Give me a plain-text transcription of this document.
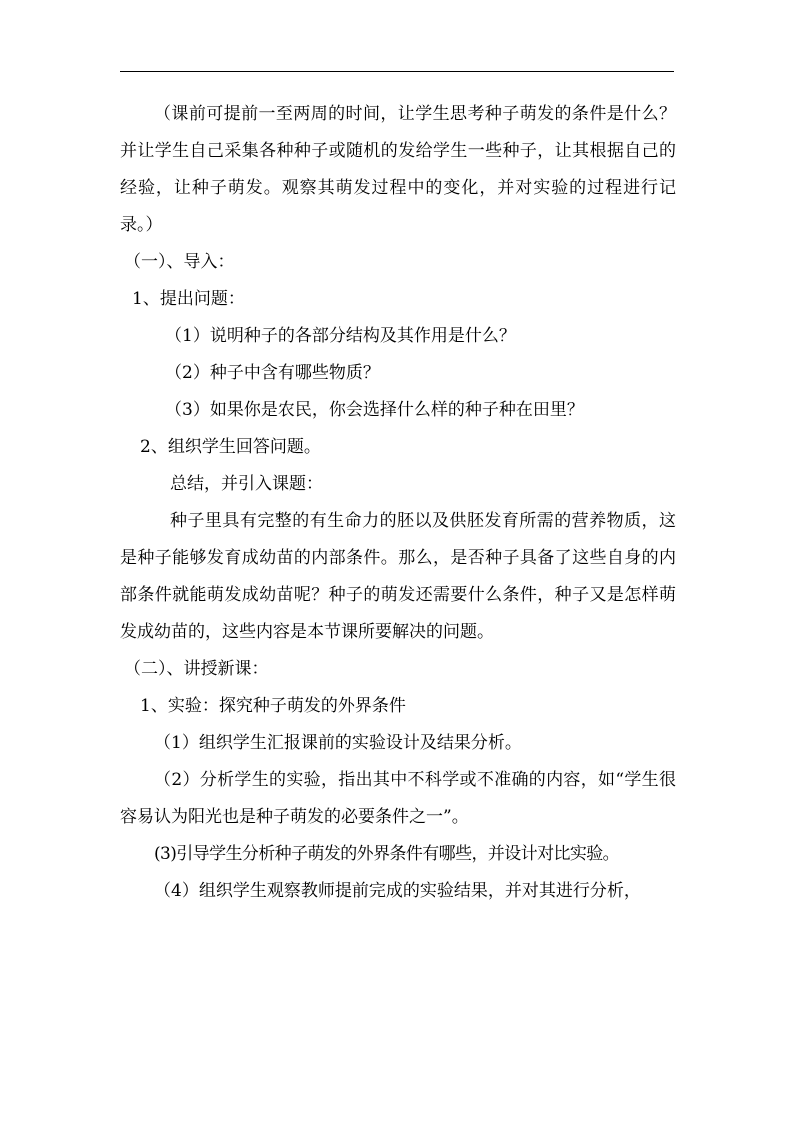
（课前可提前一至两周的时间，让学生思考种子萌发的条件是什么？并让学生自己采集各种种子或随机的发给学生一些种子，让其根据自己的经验，让种子萌发。观察其萌发过程中的变化，并对实验的过程进行记录。）

（一）、导入：

1、提出问题：

（1）说明种子的各部分结构及其作用是什么？

（2）种子中含有哪些物质？

（3）如果你是农民，你会选择什么样的种子种在田里？

2、组织学生回答问题。

总结，并引入课题：

种子里具有完整的有生命力的胚以及供胚发育所需的营养物质，这是种子能够发育成幼苗的内部条件。那么，是否种子具备了这些自身的内部条件就能萌发成幼苗呢？种子的萌发还需要什么条件，种子又是怎样萌发成幼苗的，这些内容是本节课所要解决的问题。

（二）、讲授新课：

1、实验：探究种子萌发的外界条件

（1）组织学生汇报课前的实验设计及结果分析。

（2）分析学生的实验，指出其中不科学或不准确的内容，如“学生很容易认为阳光也是种子萌发的必要条件之一”。

(3)引导学生分析种子萌发的外界条件有哪些，并设计对比实验。

（4）组织学生观察教师提前完成的实验结果，并对其进行分析，
